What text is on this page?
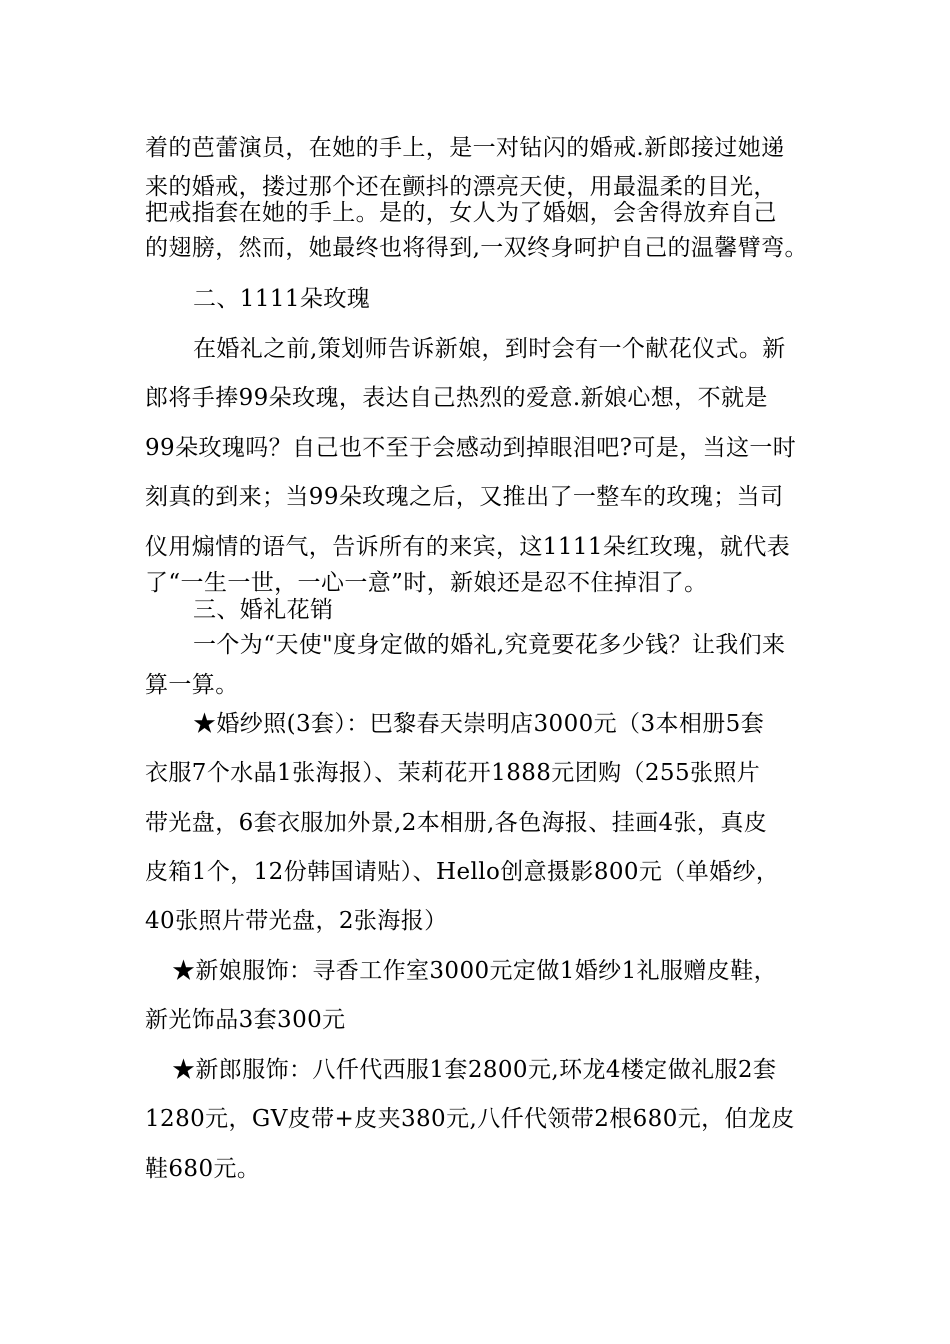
着的芭蕾演员，在她的手上，是一对钻闪的婚戒.新郎接过她递
来的婚戒，搂过那个还在颤抖的漂亮天使，用最温柔的目光，
把戒指套在她的手上。是的，女人为了婚姻，会舍得放弃自己
的翅膀，然而，她最终也将得到,一双终身呵护自己的温馨臂弯。
二、1111朵玫瑰
在婚礼之前,策划师告诉新娘，到时会有一个献花仪式。新
郎将手捧99朵玫瑰，表达自己热烈的爱意.新娘心想，不就是
99朵玫瑰吗？自己也不至于会感动到掉眼泪吧?可是，当这一时
刻真的到来；当99朵玫瑰之后，又推出了一整车的玫瑰；当司
仪用煽情的语气，告诉所有的来宾，这1111朵红玫瑰，就代表
了“一生一世，一心一意”时，新娘还是忍不住掉泪了。
三、婚礼花销
一个为“天使"度身定做的婚礼,究竟要花多少钱？让我们来
算一算。
★婚纱照(3套）：巴黎春天崇明店3000元（3本相册5套
衣服7个水晶1张海报）、茉莉花开1888元团购（255张照片
带光盘，6套衣服加外景,2本相册,各色海报、挂画4张，真皮
皮箱1个，12份韩国请贴）、Hello创意摄影800元（单婚纱，
40张照片带光盘，2张海报）
★新娘服饰：寻香工作室3000元定做1婚纱1礼服赠皮鞋，
新光饰品3套300元
★新郎服饰：八仟代西服1套2800元,环龙4楼定做礼服2套
1280元，GV皮带+皮夹380元,八仟代领带2根680元，伯龙皮
鞋680元。
